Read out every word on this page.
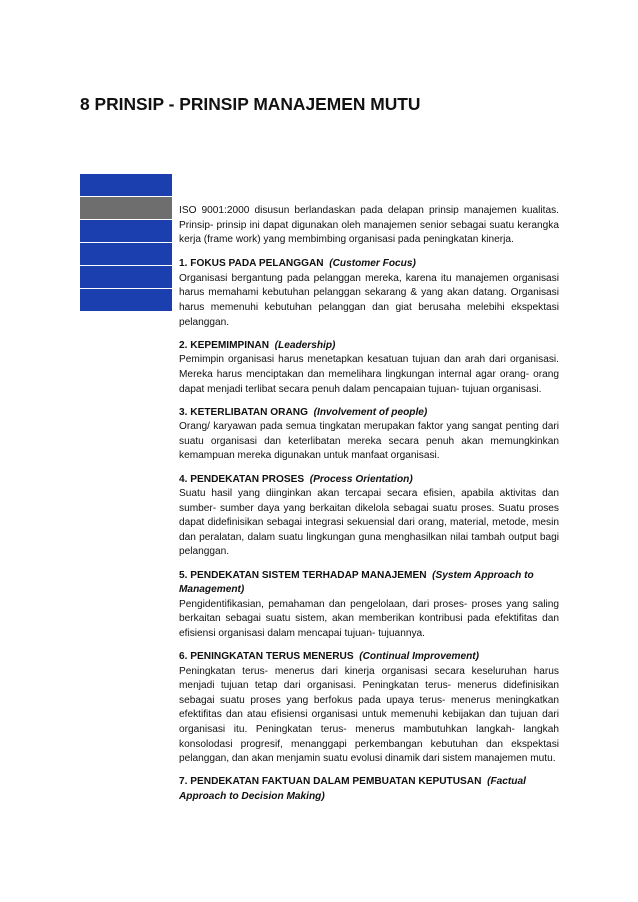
8 PRINSIP - PRINSIP MANAJEMEN MUTU

ISO 9001:2000 disusun berlandaskan pada delapan prinsip manajemen kualitas. Prinsip- prinsip ini dapat digunakan oleh manajemen senior sebagai suatu kerangka kerja (frame work) yang membimbing organisasi pada peningkatan kinerja.

1. FOKUS PADA PELANGGAN (Customer Focus)

Organisasi bergantung pada pelanggan mereka, karena itu manajemen organisasi harus memahami kebutuhan pelanggan sekarang & yang akan datang. Organisasi harus memenuhi kebutuhan pelanggan dan giat berusaha melebihi ekspektasi pelanggan.

2. KEPEMIMPINAN (Leadership)

Pemimpin organisasi harus menetapkan kesatuan tujuan dan arah dari organisasi. Mereka harus menciptakan dan memelihara lingkungan internal agar orang- orang dapat menjadi terlibat secara penuh dalam pencapaian tujuan- tujuan organisasi.

3. KETERLIBATAN ORANG (Involvement of people)

Orang/ karyawan pada semua tingkatan merupakan faktor yang sangat penting dari suatu organisasi dan keterlibatan mereka secara penuh akan memungkinkan kemampuan mereka digunakan untuk manfaat organisasi.

4. PENDEKATAN PROSES (Process Orientation)

Suatu hasil yang diinginkan akan tercapai secara efisien, apabila aktivitas dan sumber- sumber daya yang berkaitan dikelola sebagai suatu proses. Suatu proses dapat didefinisikan sebagai integrasi sekuensial dari orang, material, metode, mesin dan peralatan, dalam suatu lingkungan guna menghasilkan nilai tambah output bagi pelanggan.

5. PENDEKATAN SISTEM TERHADAP MANAJEMEN (System Approach to Management)

Pengidentifikasian, pemahaman dan pengelolaan, dari proses- proses yang saling berkaitan sebagai suatu sistem, akan memberikan kontribusi pada efektifitas dan efisiensi organisasi dalam mencapai tujuan- tujuannya.

6. PENINGKATAN TERUS MENERUS (Continual Improvement)

Peningkatan terus- menerus dari kinerja organisasi secara keseluruhan harus menjadi tujuan tetap dari organisasi. Peningkatan terus- menerus didefinisikan sebagai suatu proses yang berfokus pada upaya terus- menerus meningkatkan efektifitas dan atau efisiensi organisasi untuk memenuhi kebijakan dan tujuan dari organisasi itu. Peningkatan terus- menerus mambutuhkan langkah- langkah konsolodasi progresif, menanggapi perkembangan kebutuhan dan ekspektasi pelanggan, dan akan menjamin suatu evolusi dinamik dari sistem manajemen mutu.

7. PENDEKATAN FAKTUAN DALAM PEMBUATAN KEPUTUSAN (Factual Approach to Decision Making)
